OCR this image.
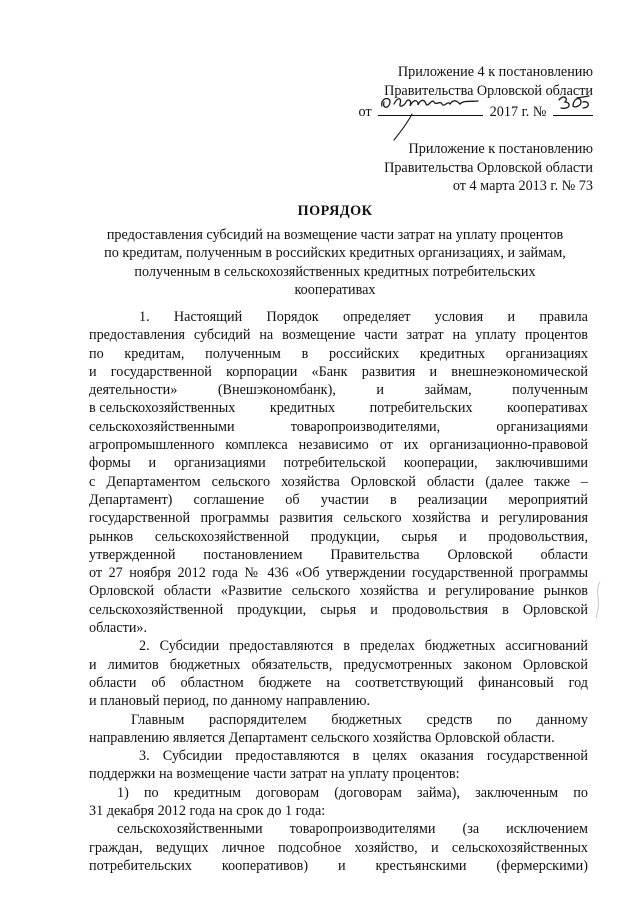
Приложение 4 к постановлению
Правительства Орловской области
от	2017 г. №
Приложение к постановлению
Правительства Орловской области
от 4 марта 2013 г. № 73
ПОРЯДОК
предоставления субсидий на возмещение части затрат на уплату процентов
по кредитам, полученным в российских кредитных организациях, и займам,
полученным в сельскохозяйственных кредитных потребительских
кооперативах
1. Настоящий Порядок определяет условия и правила
предоставления субсидий на возмещение части затрат на уплату процентов
по кредитам, полученным в российских кредитных организациях
и государственной корпорации «Банк развития и внешнеэкономической
деятельности»	(Внешэкономбанк),	и	займам,	полученным
в сельскохозяйственных кредитных потребительских кооперативах
сельскохозяйственными	товаропроизводителями,	организациями
агропромышленного комплекса независимо от их организационно-правовой
формы и организациями потребительской кооперации, заключившими
с Департаментом сельского хозяйства Орловской области (далее также –
Департамент) соглашение об участии в реализации мероприятий
государственной программы развития сельского хозяйства и регулирования
рынков сельскохозяйственной продукции, сырья и продовольствия,
утвержденной постановлением Правительства Орловской области
от 27 ноября 2012 года № 436 «Об утверждении государственной программы
Орловской области «Развитие сельского хозяйства и регулирование рынков
сельскохозяйственной продукции, сырья и продовольствия в Орловской
области».
2. Субсидии предоставляются в пределах бюджетных ассигнований
и лимитов бюджетных обязательств, предусмотренных законом Орловской
области об областном бюджете на соответствующий финансовый год
и плановый период, по данному направлению.
Главным распорядителем бюджетных средств по данному
направлению является Департамент сельского хозяйства Орловской области.
3. Субсидии предоставляются в целях оказания государственной
поддержки на возмещение части затрат на уплату процентов:
1) по кредитным договорам (договорам займа), заключенным по
31 декабря 2012 года на срок до 1 года:
сельскохозяйственными товаропроизводителями (за исключением
граждан, ведущих личное подсобное хозяйство, и сельскохозяйственных
потребительских кооперативов) и крестьянскими (фермерскими)
